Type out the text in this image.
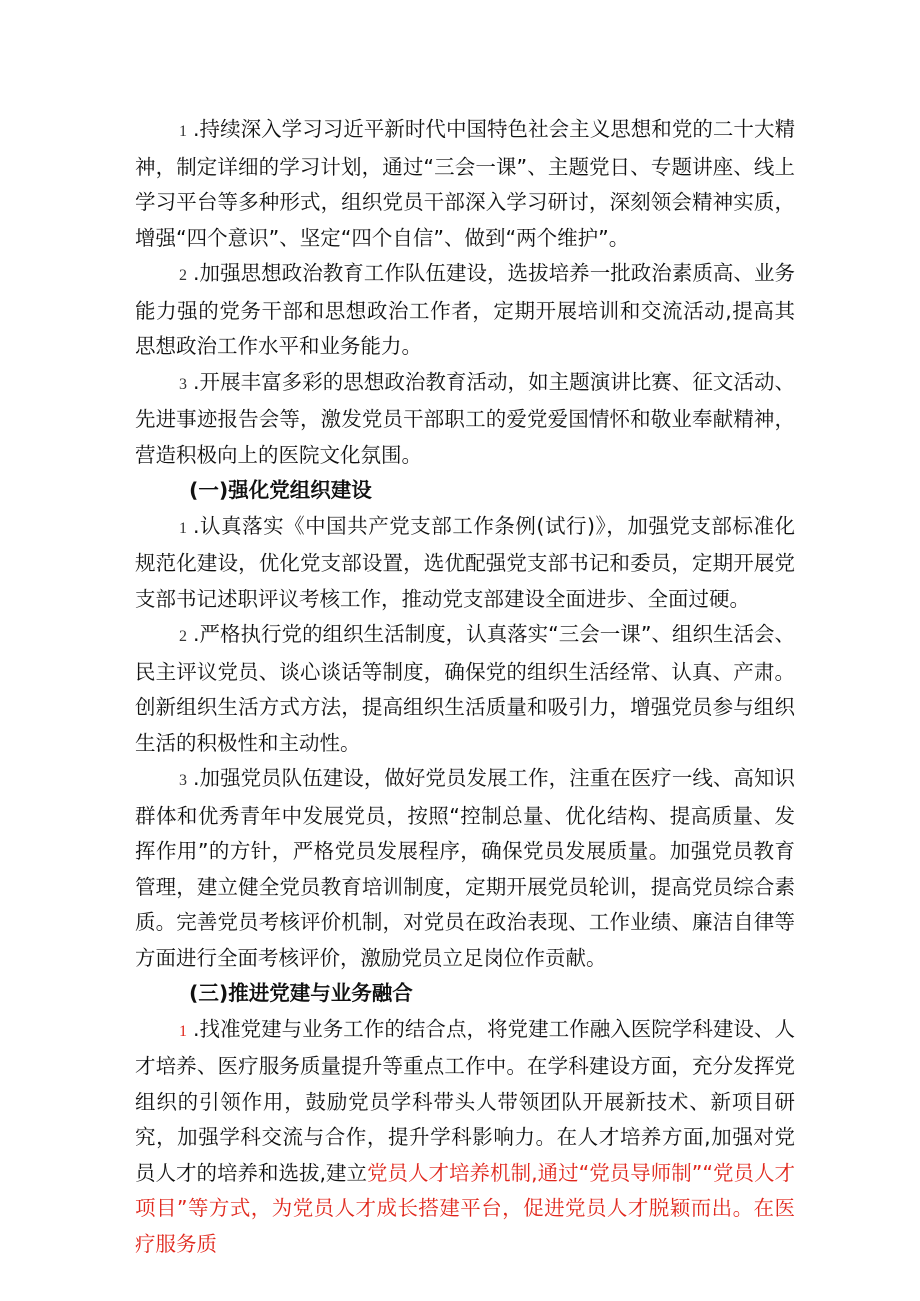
1 .持续深入学习习近平新时代中国特色社会主义思想和党的二十大精神，制定详细的学习计划，通过“三会一课”、主题党日、专题讲座、线上学习平台等多种形式，组织党员干部深入学习研讨，深刻领会精神实质，增强“四个意识”、坚定“四个自信”、做到“两个维护”。

2 .加强思想政治教育工作队伍建设，选拔培养一批政治素质高、业务能力强的党务干部和思想政治工作者，定期开展培训和交流活动,提高其思想政治工作水平和业务能力。

3 .开展丰富多彩的思想政治教育活动，如主题演讲比赛、征文活动、先进事迹报告会等，激发党员干部职工的爱党爱国情怀和敬业奉献精神，营造积极向上的医院文化氛围。

(一)强化党组织建设

1 .认真落实《中国共产党支部工作条例(试行)》，加强党支部标准化规范化建设，优化党支部设置，选优配强党支部书记和委员，定期开展党支部书记述职评议考核工作，推动党支部建设全面进步、全面过硬。

2 .严格执行党的组织生活制度，认真落实“三会一课”、组织生活会、民主评议党员、谈心谈话等制度，确保党的组织生活经常、认真、产肃。创新组织生活方式方法，提高组织生活质量和吸引力，增强党员参与组织生活的积极性和主动性。

3 .加强党员队伍建设，做好党员发展工作，注重在医疗一线、高知识群体和优秀青年中发展党员，按照“控制总量、优化结构、提高质量、发挥作用”的方针，严格党员发展程序，确保党员发展质量。加强党员教育管理，建立健全党员教育培训制度，定期开展党员轮训，提高党员综合素质。完善党员考核评价机制，对党员在政治表现、工作业绩、廉洁自律等方面进行全面考核评价，激励党员立足岗位作贡献。

(三)推进党建与业务融合

1 .找准党建与业务工作的结合点，将党建工作融入医院学科建设、人才培养、医疗服务质量提升等重点工作中。在学科建设方面，充分发挥党组织的引领作用，鼓励党员学科带头人带领团队开展新技术、新项目研究，加强学科交流与合作，提升学科影响力。在人才培养方面,加强对党员人才的培养和选拔,建立党员人才培养机制,通过“党员导师制”“党员人才项目”等方式，为党员人才成长搭建平台，促进党员人才脱颖而出。在医疗服务质
